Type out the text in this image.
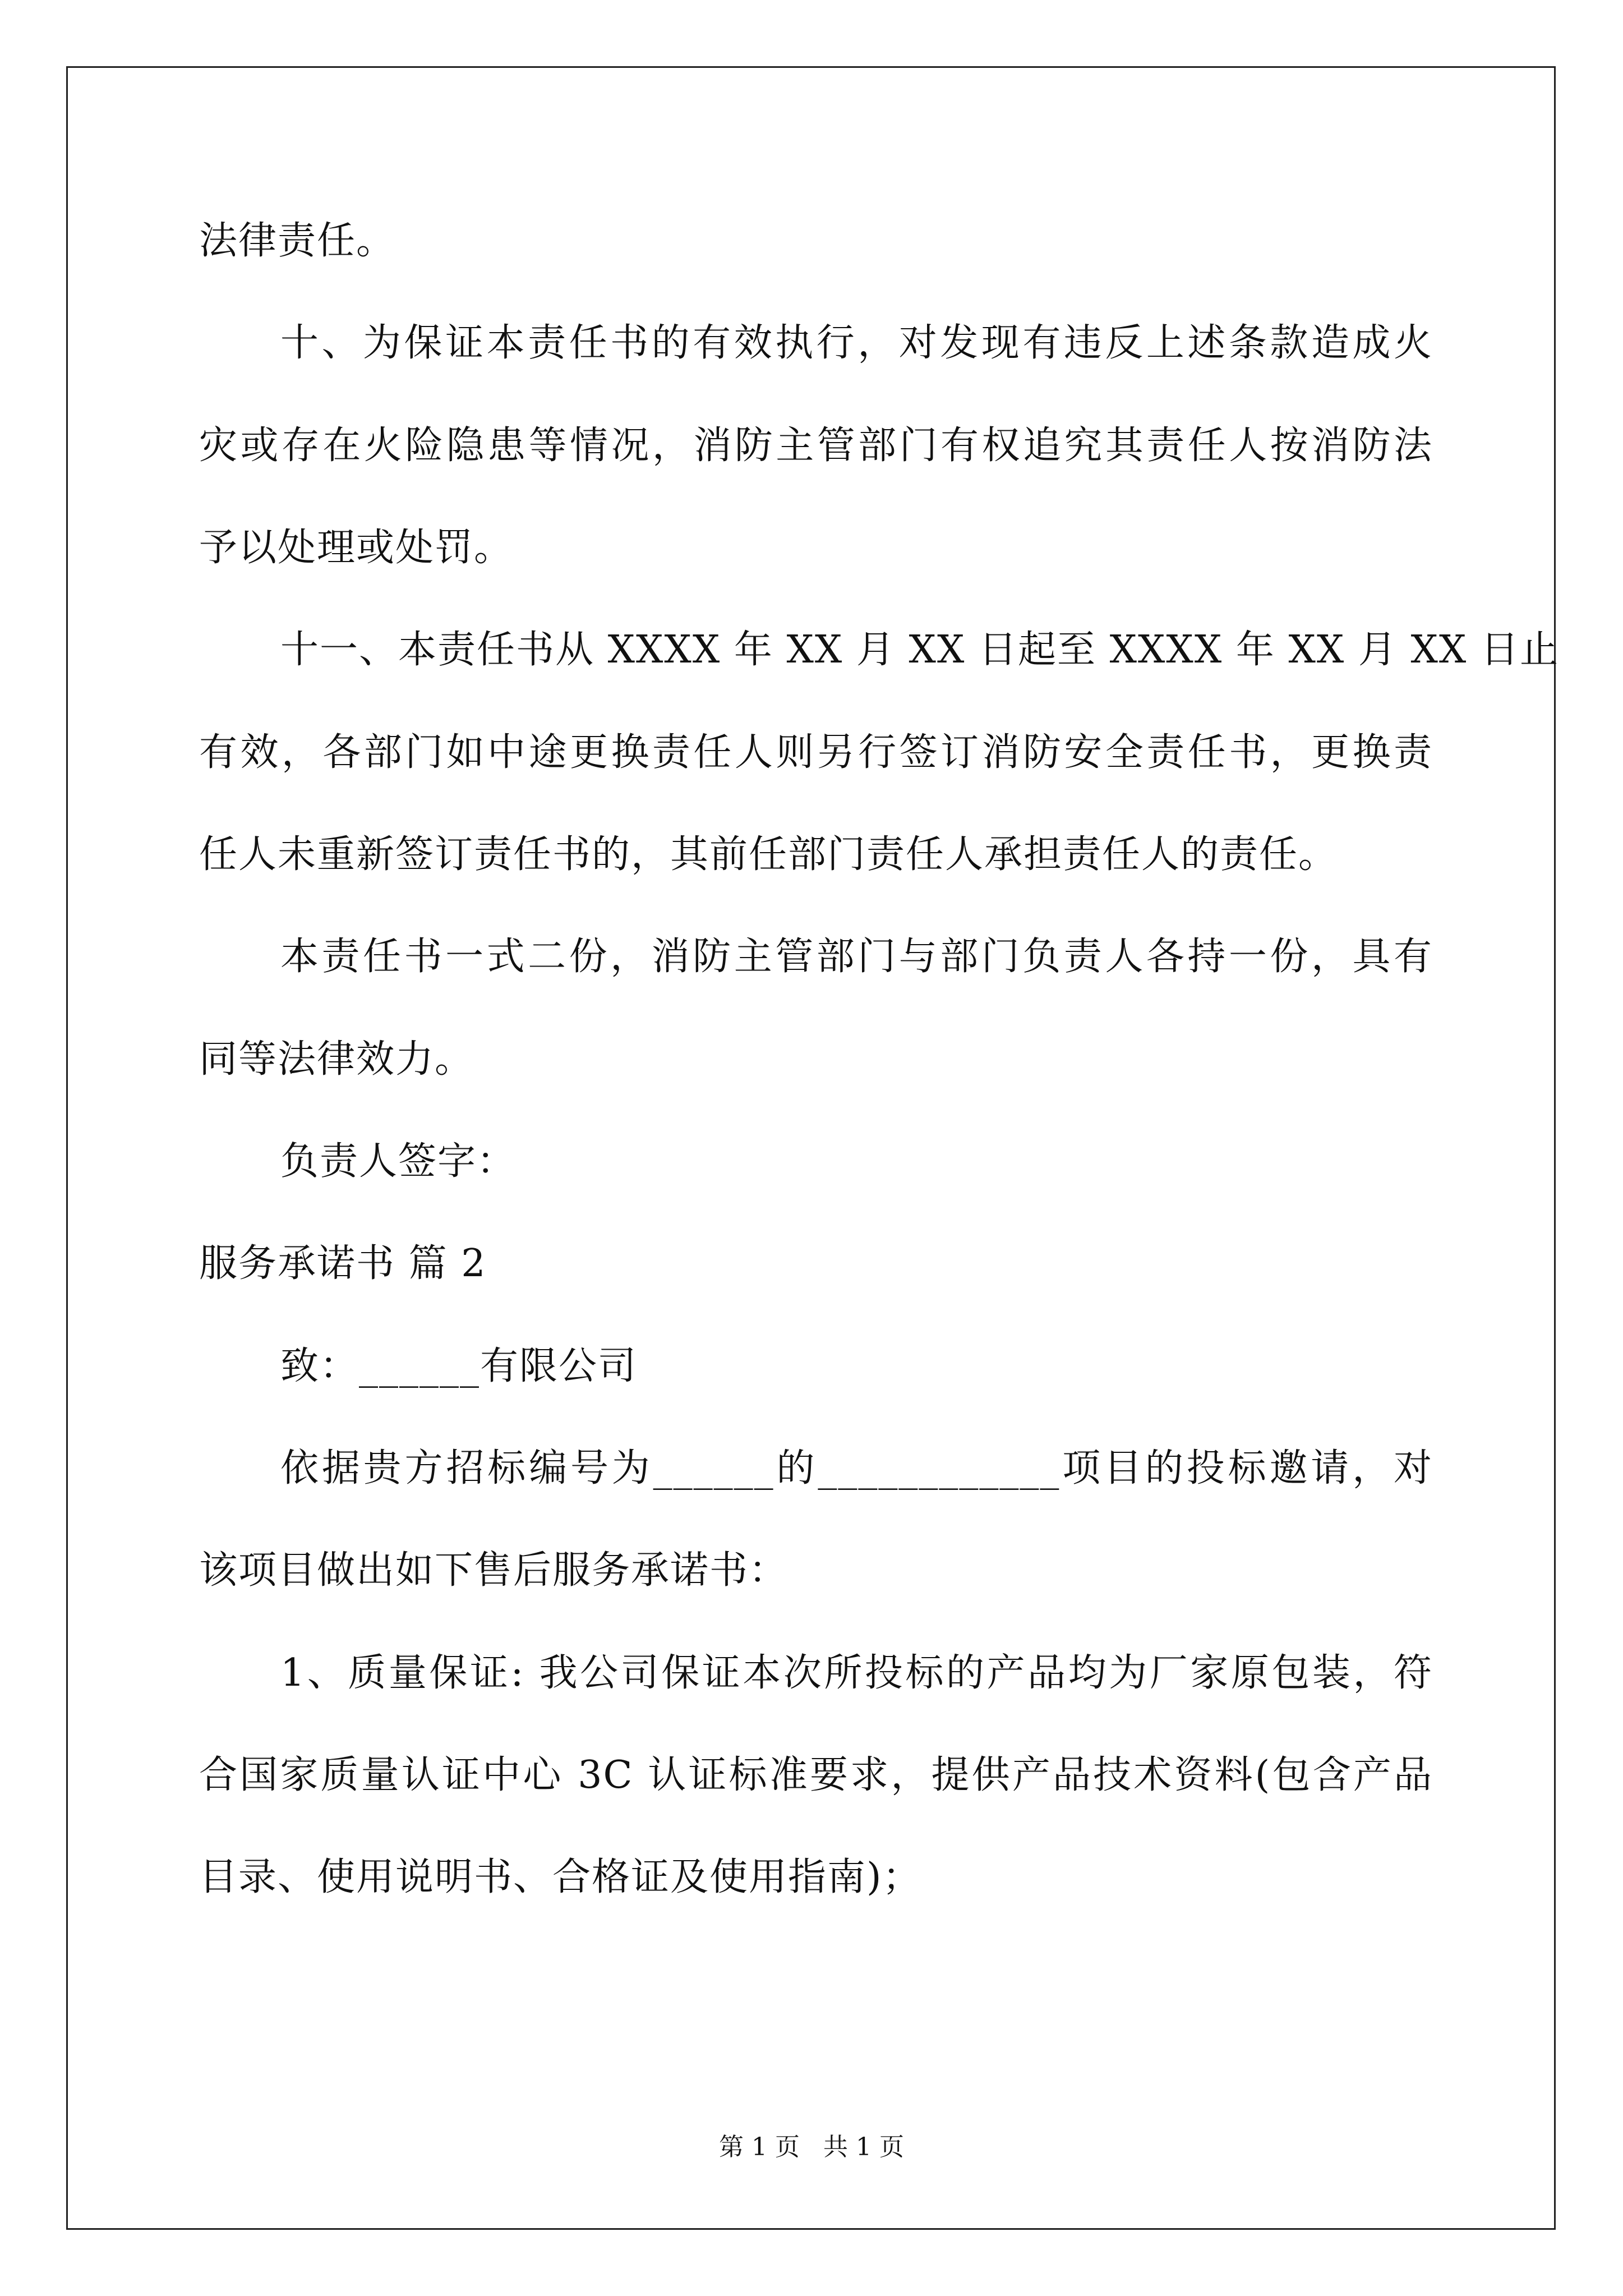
法律责任。
十、为保证本责任书的有效执行，对发现有违反上述条款造成火
灾或存在火险隐患等情况，消防主管部门有权追究其责任人按消防法
予以处理或处罚。
十一、本责任书从 XXXX 年 XX 月 XX 日起至 XXXX 年 XX 月 XX 日止
有效，各部门如中途更换责任人则另行签订消防安全责任书，更换责
任人未重新签订责任书的，其前任部门责任人承担责任人的责任。
本责任书一式二份，消防主管部门与部门负责人各持一份，具有
同等法律效力。
负责人签字：
服务承诺书 篇 2
致：______有限公司
依据贵方招标编号为______的____________项目的投标邀请，对
该项目做出如下售后服务承诺书：
1、质量保证: 我公司保证本次所投标的产品均为厂家原包装，符
合国家质量认证中心 3C 认证标准要求，提供产品技术资料(包含产品
目录、使用说明书、合格证及使用指南)；
第 1 页   共 1 页
